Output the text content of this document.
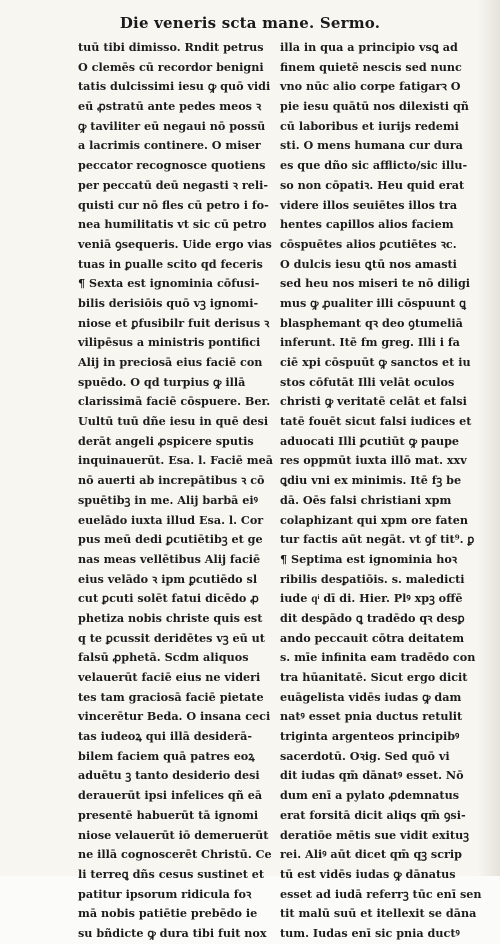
Die veneris scta mane. Sermo.
tuū tibi dimisso. Rndit petrus
O clemēs cū recordor benigni
tatis dulcissimi iesu ꝙ quō vidi
eū ꝓstratū ante pedes meos ꝛ
ꝙ taviliter eū negaui nō possū
a lacrimis continere. O miser
peccator recognosce quotiens
per peccatū deū negasti ꝛ reli-
quisti cur nō fles cū petro i fo-
nea humilitatis vt sic cū petro
veniā ꝯsequeris. Uide ergo vias
tuas in ꝑualle scito qd feceris
¶ Sexta est ignominia cōfusi-
bilis derisiōis quō vꝫ ignomi-
niose et ꝑfusibilr fuit derisus ꝛ
vilipēsus a ministris pontifici
Alij in preciosā eius faciē con
spuēdo. O qd turpius ꝙ illā
clarissimā faciē cōspuere. Ber.
Uultū tuū dñe iesu in quē desi
derāt angeli ꝓspicere sputis
inquinauerūt. Esa. l. Faciē meā
nō auerti ab increpātibus ꝛ cō
spuētibꝫ in me. Alij barbā eiꝰ
euelādo iuxta illud Esa. l. Cor
pus meū dedi ꝑcutiētibꝫ et ge
nas meas vellētibus Alij faciē
eius velādo ꝛ ipm ꝑcutiēdo sl
cut ꝑcuti solēt fatui dicēdo ꝓ
phetiza nobis christe quis est
q te ꝑcussit deridētes vꝫ eū ut
falsū ꝓphetā. Scdm aliquos
velauerūt faciē eius ne videri
tes tam graciosā faciē pietate
vincerētur Beda. O insana ceci
tas iudeoꝝ qui illā desiderā-
bilem faciem quā patres eoꝝ
aduētu ꝫ tanto desiderio desi
derauerūt ipsi infelices qñ eā
presentē habuerūt tā ignomi
niose velauerūt iō demeruerūt
ne illā cognoscerēt Christū. Ce
li terreꝗ dñs cesus sustinet et
patitur ipsorum ridicula foꝛ
mā nobis patiētie prebēdo ie
su bñdicte ꝙ dura tibi fuit nox
illa in qua a principio vsꝗ ad
finem quietē nescis sed nunc
vno nūc alio corpe fatigarꝛ O
pie iesu quātū nos dilexisti qñ
cū laboribus et iurijs redemi
sti. O mens humana cur dura
es que dño sic afflicto/sic illu-
so non cōpatiꝛ. Heu quid erat
videre illos seuiētes illos tra
hentes capillos alios faciem
cōspuētes alios ꝑcutiētes ꝛc.
O dulcis iesu ꝗtū nos amasti
sed heu nos miseri te nō diligi
mus ꝙ ꝓualiter illi cōspuunt ꝗ
blasphemant qꝛ deo ꝯtumeliā
inferunt. Itē fm greg. Illi i fa
ciē xpi cōspuūt ꝙ sanctos et iu
stos cōfutāt Illi velāt oculos
christi ꝙ veritatē celāt et falsi
tatē fouēt sicut falsi iudices et
aduocati Illi ꝑcutiūt ꝙ paupe
res oppmūt iuxta illō mat. xxv
ꝗdiu vni ex minimis. Itē fꝫ be
dā. Oēs falsi christiani xpm
colaphizant qui xpm ore faten
tur factis aūt negāt. vt ꝯf tit⁹. ꝑ
¶ Septima est ignominia hoꝛ
ribilis desꝑatiōis. s. maledicti
iude qͥ dī di. Hier. Plꝰ xpꝫ offē
dit desꝑādo ꝗ tradēdo qꝛ desꝑ
ando peccauit cōtra deitatem
s. mīe infinita eam tradēdo con
tra hūanitatē. Sicut ergo dicit
euāgelista vidēs iudas ꝙ dam
natꝰ esset pnia ductus retulit
triginta argenteos principibꝰ
sacerdotū. Oꝛig. Sed quō vi
dit iudas qm̄ dānatꝰ esset. Nō
dum enī a pylato ꝓdemnatus
erat forsitā dicit aliqs qm̄ ꝯsi-
deratiōe mētis sue vidit exituꝫ
rei. Aliꝰ aūt dicet qm̄ qꝫ scrip
tū est vidēs iudas ꝙ dānatus
esset ad iudā referrꝫ tūc enī sen
tit malū suū et itellexit se dāna
tum. Iudas enī sic pnia ductꝰ
